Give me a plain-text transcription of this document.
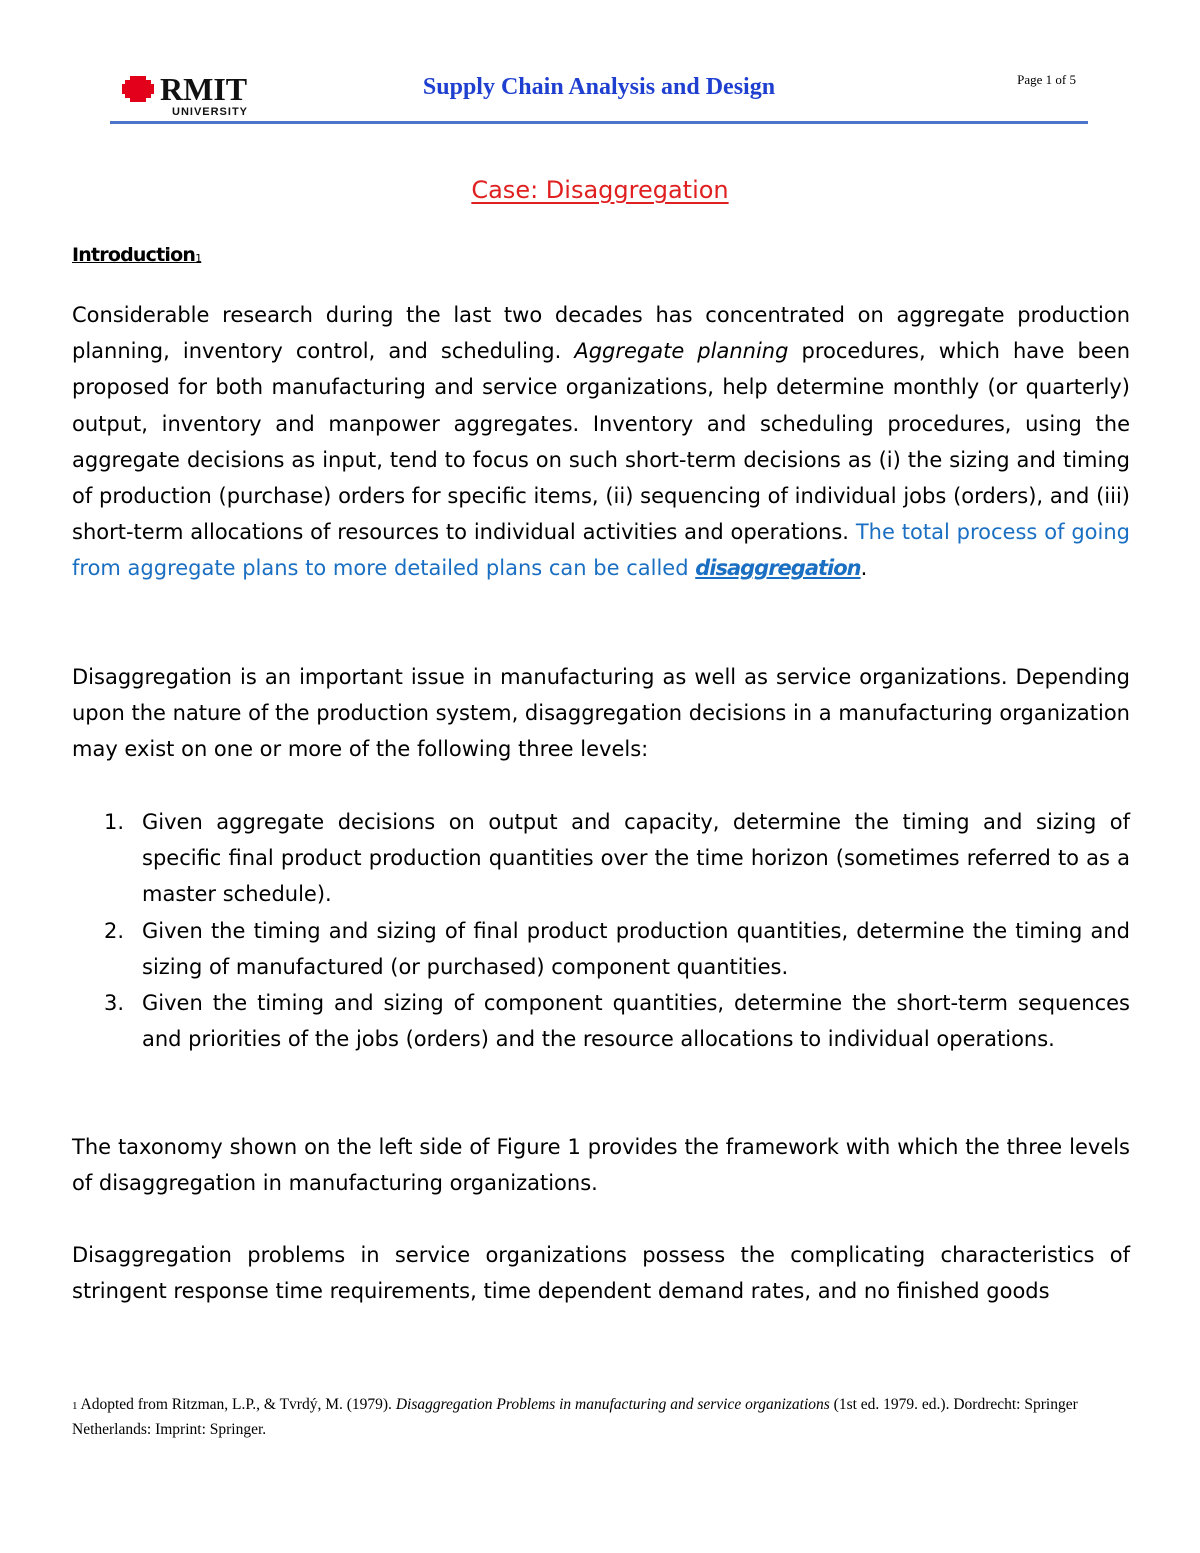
RMIT
UNIVERSITY
Supply Chain Analysis and Design	Page 1 of 5
Case: Disaggregation
Introduction$^1$
Considerable research during the last two decades has concentrated on aggregate production planning, inventory control, and scheduling. Aggregate planning procedures, which have been proposed for both manufacturing and service organizations, help determine monthly (or quarterly) output, inventory and manpower aggregates. Inventory and scheduling procedures, using the aggregate decisions as input, tend to focus on such short-term decisions as (i) the sizing and timing of production (purchase) orders for specific items, (ii) sequencing of individual jobs (orders), and (iii) short-term allocations of resources to individual activities and operations. The total process of going from aggregate plans to more detailed plans can be called disaggregation.
Disaggregation is an important issue in manufacturing as well as service organizations. Depending upon the nature of the production system, disaggregation decisions in a manufacturing organization may exist on one or more of the following three levels:
1. Given aggregate decisions on output and capacity, determine the timing and sizing of specific final product production quantities over the time horizon (sometimes referred to as a master schedule).
2. Given the timing and sizing of final product production quantities, determine the timing and sizing of manufactured (or purchased) component quantities.
3. Given the timing and sizing of component quantities, determine the short-term sequences and priorities of the jobs (orders) and the resource allocations to individual operations.
The taxonomy shown on the left side of Figure 1 provides the framework with which the three levels of disaggregation in manufacturing organizations.
Disaggregation problems in service organizations possess the complicating characteristics of stringent response time requirements, time dependent demand rates, and no finished goods
1 Adopted from Ritzman, L.P., & Tvrdý, M. (1979). Disaggregation Problems in manufacturing and service organizations (1st ed. 1979. ed.). Dordrecht: Springer Netherlands: Imprint: Springer.
